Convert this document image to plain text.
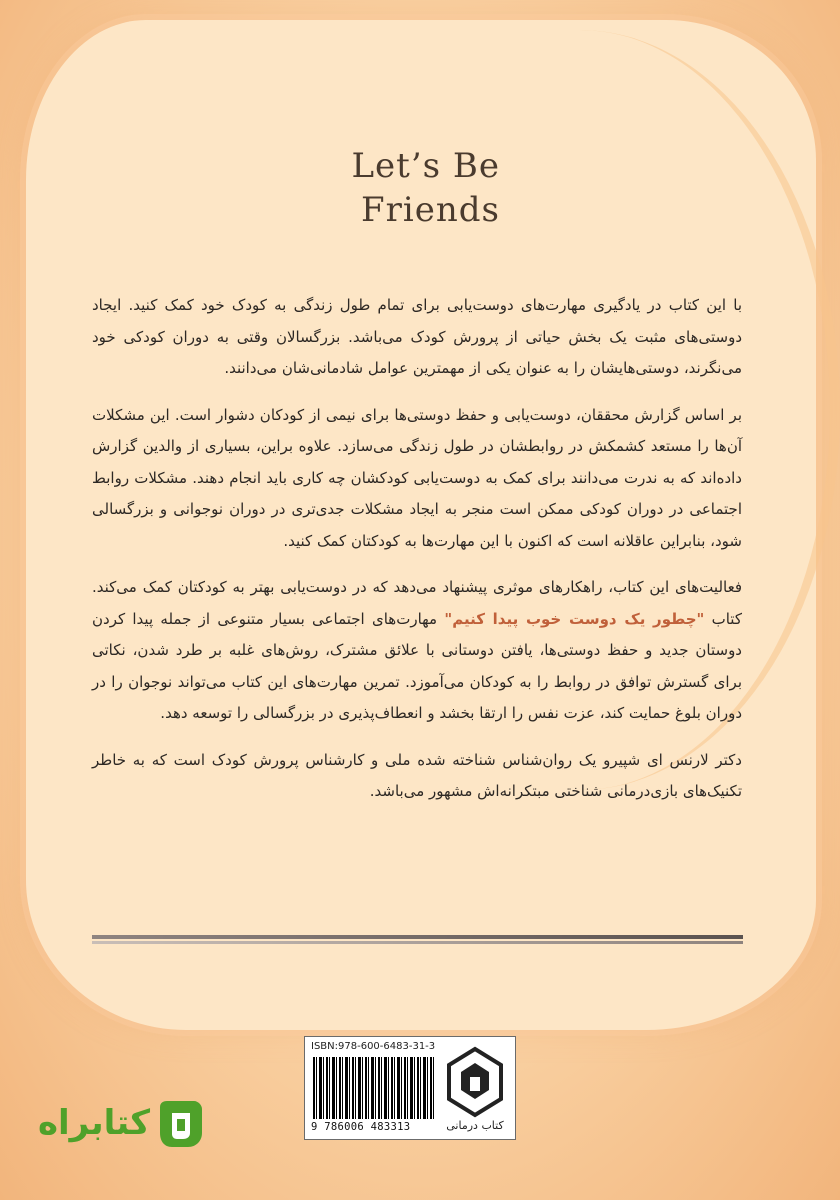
Let’s Be
Friends

با این کتاب در یادگیری مهارت‌های دوست‌یابی برای تمام طول زندگی به کودک خود کمک کنید. ایجاد دوستی‌های مثبت یک بخش حیاتی از پرورش کودک می‌باشد. بزرگسالان وقتی به دوران کودکی خود می‌نگرند، دوستی‌هایشان را به عنوان یکی از مهمترین عوامل شادمانی‌شان می‌دانند.

بر اساس گزارش محققان، دوست‌یابی و حفظ دوستی‌ها برای نیمی از کودکان دشوار است. این مشکلات آن‌ها را مستعد کشمکش در روابطشان در طول زندگی می‌سازد. علاوه براین، بسیاری از والدین گزارش داده‌اند که به ندرت می‌دانند برای کمک به دوست‌یابی کودکشان چه کاری باید انجام دهند. مشکلات روابط اجتماعی در دوران کودکی ممکن است منجر به ایجاد مشکلات جدی‌تری در دوران نوجوانی و بزرگسالی شود، بنابراین عاقلانه است که اکنون با این مهارت‌ها به کودکتان کمک کنید.

فعالیت‌های این کتاب، راهکارهای موثری پیشنهاد می‌دهد که در دوست‌یابی بهتر به کودکتان کمک می‌کند. کتاب "چطور یک دوست خوب پیدا کنیم" مهارت‌های اجتماعی بسیار متنوعی از جمله پیدا کردن دوستان جدید و حفظ دوستی‌ها، یافتن دوستانی با علائق مشترک، روش‌های غلبه بر طرد شدن، نکاتی برای گسترش توافق در روابط را به کودکان می‌آموزد. تمرین مهارت‌های این کتاب می‌تواند نوجوان را در دوران بلوغ حمایت کند، عزت نفس را ارتقا بخشد و انعطاف‌پذیری در بزرگسالی را توسعه دهد.

دکتر لارنس ای شپیرو یک روان‌شناس شناخته شده ملی و کارشناس پرورش کودک است که به خاطر تکنیک‌های بازی‌درمانی شناختی مبتکرانه‌اش مشهور می‌باشد.

ISBN:978-600-6483-31-3
9 786006 483313	کتاب درمانی
کتابراه
